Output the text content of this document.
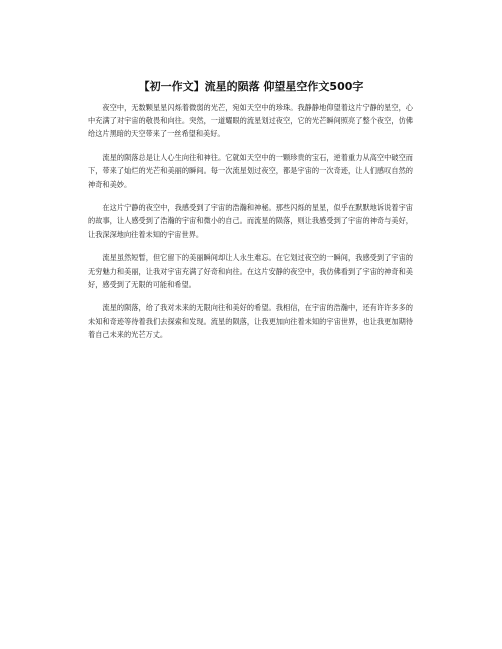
【初一作文】流星的陨落 仰望星空作文500字

夜空中，无数颗星星闪烁着微弱的光芒，宛如天空中的珍珠。我静静地仰望着这片宁静的星空，心中充满了对宇宙的敬畏和向往。突然，一道耀眼的流星划过夜空，它的光芒瞬间照亮了整个夜空，仿佛给这片黑暗的天空带来了一丝希望和美好。

流星的陨落总是让人心生向往和神往。它就如天空中的一颗珍贵的宝石，逆着重力从高空中破空而下，带来了灿烂的光芒和美丽的瞬间。每一次流星划过夜空，都是宇宙的一次奇迹，让人们感叹自然的神奇和美妙。

在这片宁静的夜空中，我感受到了宇宙的浩瀚和神秘。那些闪烁的星星，似乎在默默地诉说着宇宙的故事，让人感受到了浩瀚的宇宙和微小的自己。而流星的陨落，则让我感受到了宇宙的神奇与美好，让我深深地向往着未知的宇宙世界。

流星虽然短暂，但它留下的美丽瞬间却让人永生难忘。在它划过夜空的一瞬间，我感受到了宇宙的无穷魅力和美丽，让我对宇宙充满了好奇和向往。在这片安静的夜空中，我仿佛看到了宇宙的神奇和美好，感受到了无限的可能和希望。

流星的陨落，给了我对未来的无限向往和美好的希望。我相信，在宇宙的浩瀚中，还有许许多多的未知和奇迹等待着我们去探索和发现。流星的陨落，让我更加向往着未知的宇宙世界，也让我更加期待着自己未来的光芒万丈。
